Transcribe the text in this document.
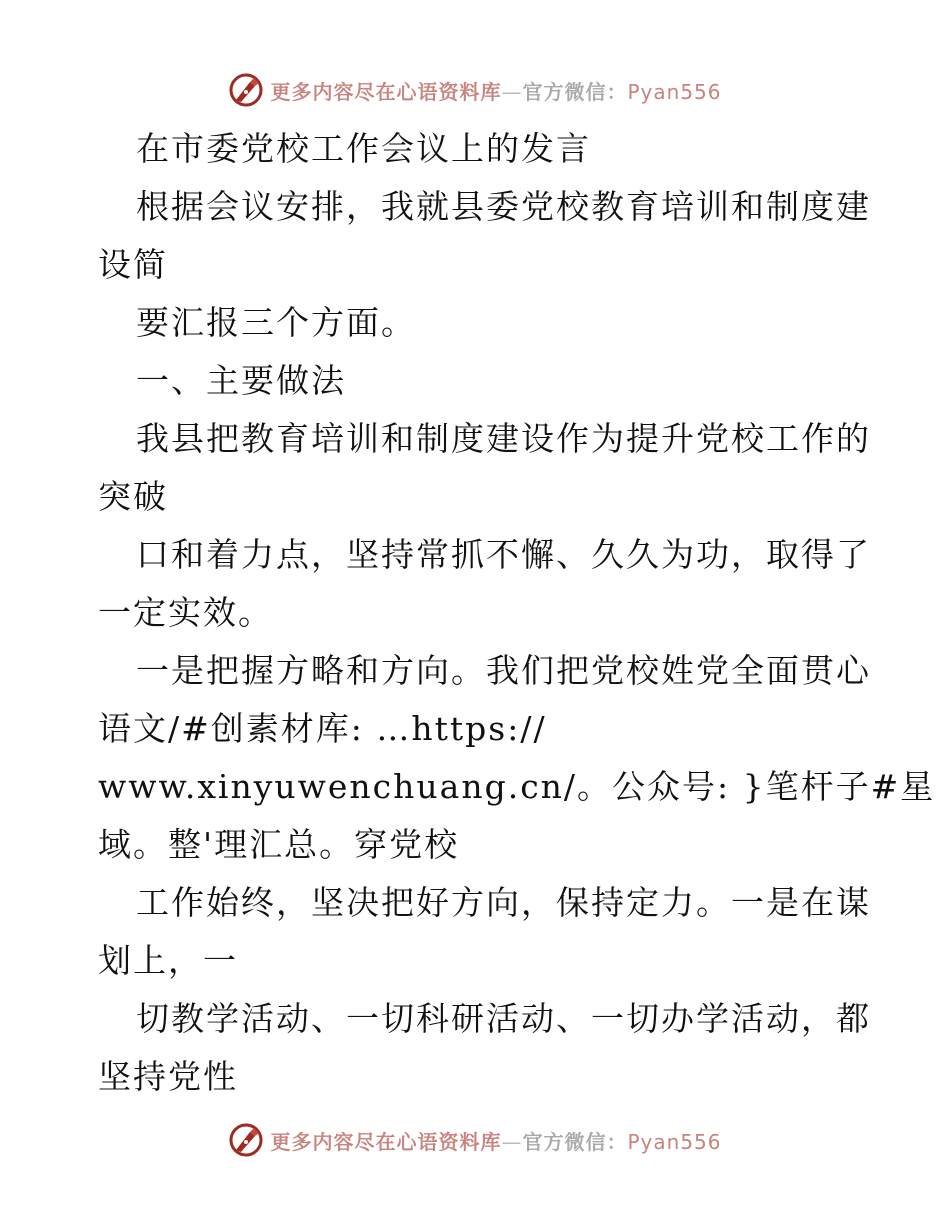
更多内容尽在心语资料库—官方微信：Pyan556
在市委党校工作会议上的发言
根据会议安排，我就县委党校教育培训和制度建
设简
要汇报三个方面。
一、主要做法
我县把教育培训和制度建设作为提升党校工作的
突破
口和着力点，坚持常抓不懈、久久为功，取得了
一定实效。
一是把握方略和方向。我们把党校姓党全面贯心
语文/#创素材库: …https://
www.xinyuwenchuang.cn/。公众号: }笔杆子#星
域。整'理汇总。穿党校
工作始终，坚决把好方向，保持定力。一是在谋
划上，一
切教学活动、一切科研活动、一切办学活动，都
坚持党性
更多内容尽在心语资料库—官方微信：Pyan556
